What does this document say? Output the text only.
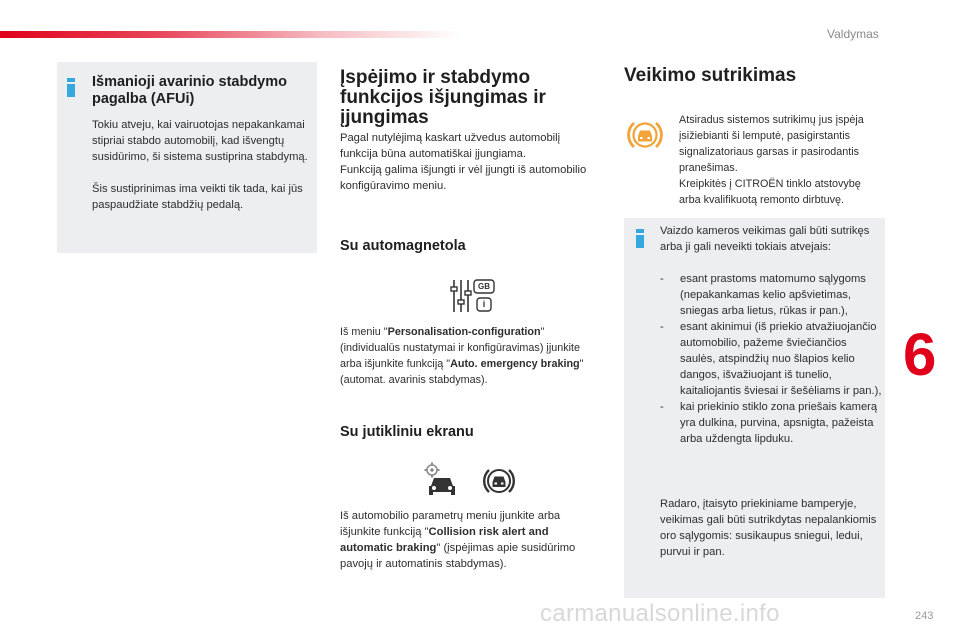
Valdymas
6
carmanualsonline.info	243
Išmanioji avarinio stabdymo pagalba (AFUi)

Tokiu atveju, kai vairuotojas nepakankamai stipriai stabdo automobilį, kad išvengtų susidūrimo, ši sistema sustiprina stabdymą.

Šis sustiprinimas ima veikti tik tada, kai jūs paspaudžiate stabdžių pedalą.

Įspėjimo ir stabdymo funkcijos išjungimas ir įjungimas

Pagal nutylėjimą kaskart užvedus automobilį funkcija būna automatiškai įjungiama.

Funkciją galima išjungti ir vėl įjungti iš automobilio konfigūravimo meniu.

Su automagnetola
GB
i

Iš meniu "Personalisation-configuration" (individualūs nustatymai ir konfigūravimas) įjunkite arba išjunkite funkciją "Auto. emergency braking" (automat. avarinis stabdymas).

Su jutikliniu ekranu

Iš automobilio parametrų meniu įjunkite arba išjunkite funkciją "Collision risk alert and automatic braking" (įspėjimas apie susidūrimo pavojų ir automatinis stabdymas).

Veikimo sutrikimas

Atsiradus sistemos sutrikimų jus įspėja įsižiebianti ši lemputė, pasigirstantis signalizatoriaus garsas ir pasirodantis pranešimas.

Kreipkitės į CITROËN tinklo atstovybę arba kvalifikuotą remonto dirbtuvę.

Vaizdo kameros veikimas gali būti sutrikęs arba ji gali neveikti tokiais atvejais:

- esant prastoms matomumo sąlygoms (nepakankamas kelio apšvietimas, sniegas arba lietus, rūkas ir pan.),
- esant akinimui (iš priekio atvažiuojančio automobilio, pažeme šviečiančios saulės, atspindžių nuo šlapios kelio dangos, išvažiuojant iš tunelio, kaitaliojantis šviesai ir šešėliams ir pan.),
- kai priekinio stiklo zona priešais kamerą yra dulkina, purvina, apsnigta, pažeista arba uždengta lipduku.

Radaro, įtaisyto priekiniame bamperyje, veikimas gali būti sutrikdytas nepalankiomis oro sąlygomis: susikaupus sniegui, ledui, purvui ir pan.
